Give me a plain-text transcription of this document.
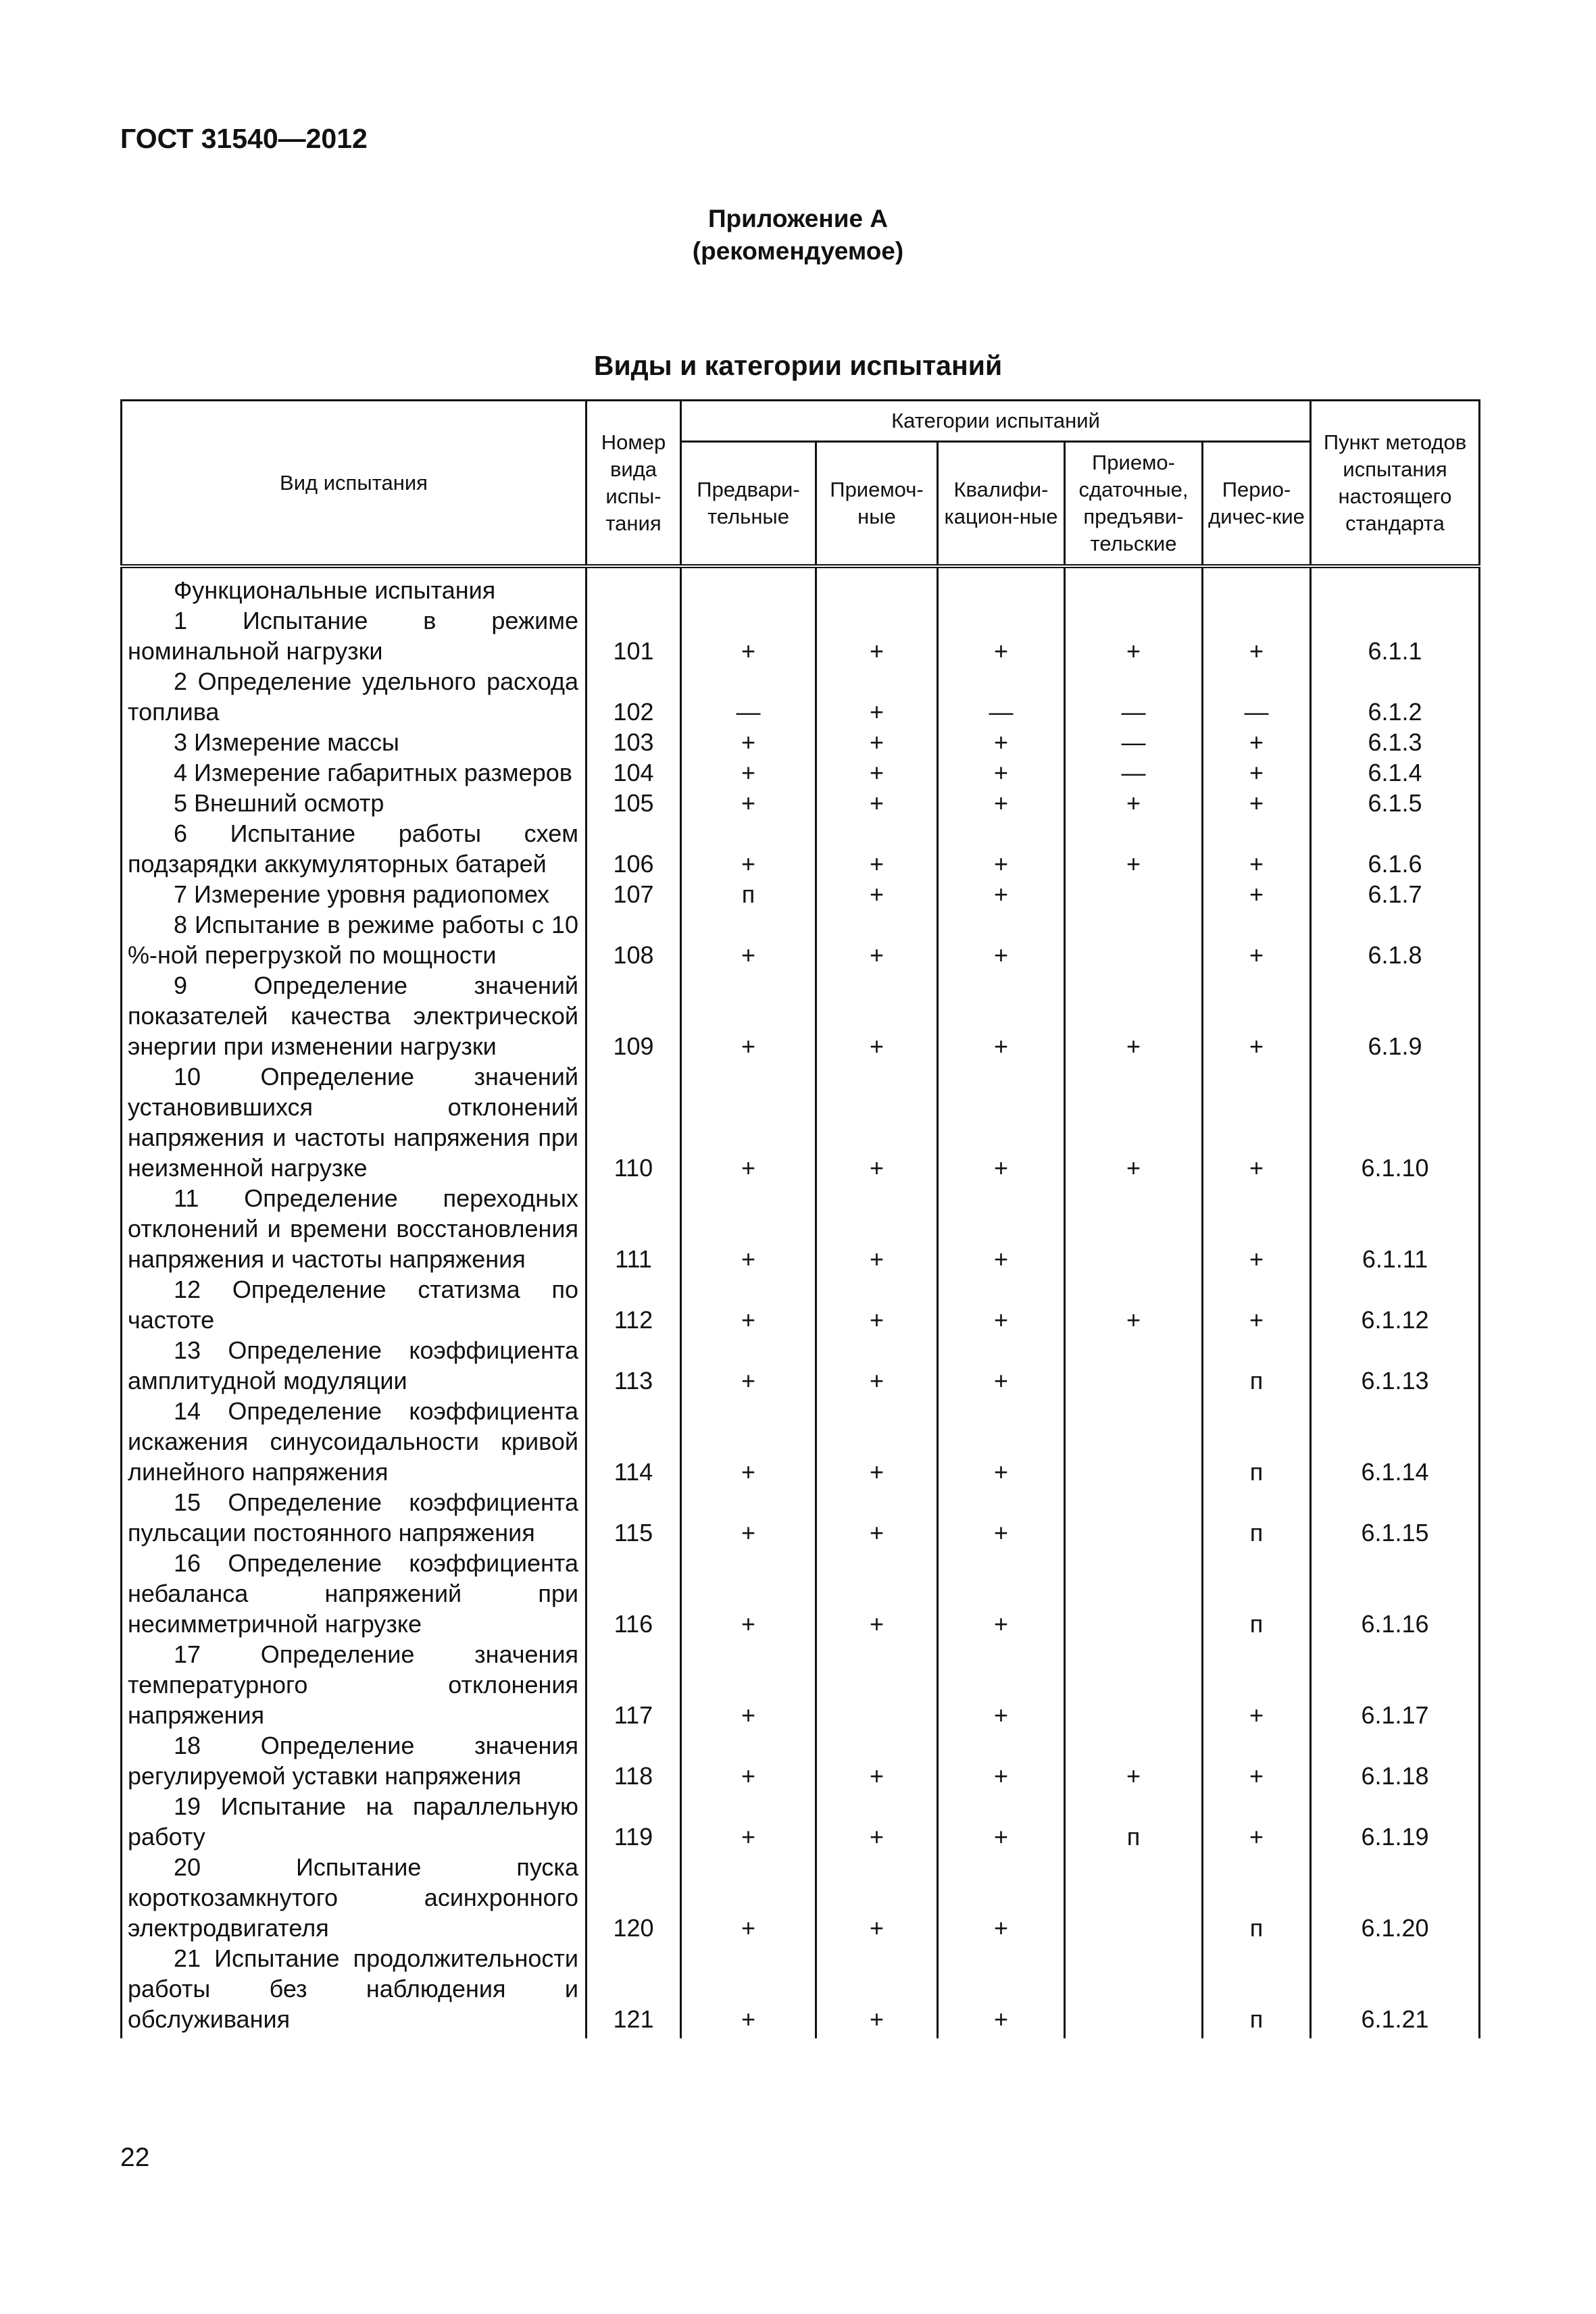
ГОСТ 31540—2012
Приложение А
(рекомендуемое)
Виды и категории испытаний
Вид испытания	Номер вида испы-тания	Категории испытаний					Пункт методов испытания настоящего стандарта
		Предвари-тельные	Приемоч-ные	Квалифи-кацион-ные	Приемо-сдаточные, предъяви-тельские	Перио-дичес-кие	

Функциональные испытания							
1 Испытание в режиме номинальной нагрузки	101	+	+	+	+	+	6.1.1
2 Определение удельного расхода топлива	102	—	+	—	—	—	6.1.2
3 Измерение массы	103	+	+	+	—	+	6.1.3
4 Измерение габаритных размеров	104	+	+	+	—	+	6.1.4
5 Внешний осмотр	105	+	+	+	+	+	6.1.5
6 Испытание работы схем подзарядки аккумуляторных батарей	106	+	+	+	+	+	6.1.6
7 Измерение уровня радиопомех	107	п	+	+		+	6.1.7
8 Испытание в режиме работы с 10 %-ной перегрузкой по мощности	108	+	+	+		+	6.1.8
9 Определение значений показателей качества электрической энергии при изменении нагрузки	109	+	+	+	+	+	6.1.9
10 Определение значений установившихся отклонений напряжения и частоты напряжения при неизменной нагрузке	110	+	+	+	+	+	6.1.10
11 Определение переходных отклонений и времени восстановления напряжения и частоты напряжения	111	+	+	+		+	6.1.11
12 Определение статизма по частоте	112	+	+	+	+	+	6.1.12
13 Определение коэффициента амплитудной модуляции	113	+	+	+		п	6.1.13
14 Определение коэффициента искажения синусоидальности кривой линейного напряжения	114	+	+	+		п	6.1.14
15 Определение коэффициента пульсации постоянного напряжения	115	+	+	+		п	6.1.15
16 Определение коэффициента небаланса напряжений при несимметричной нагрузке	116	+	+	+		п	6.1.16
17 Определение значения температурного отклонения напряжения	117	+		+		+	6.1.17
18 Определение значения регулируемой уставки напряжения	118	+	+	+	+	+	6.1.18
19 Испытание на параллельную работу	119	+	+	+	п	+	6.1.19
20 Испытание пуска короткозамкнутого асинхронного электродвигателя	120	+	+	+		п	6.1.20
21 Испытание продолжительности работы без наблюдения и обслуживания	121	+	+	+		п	6.1.21
22
